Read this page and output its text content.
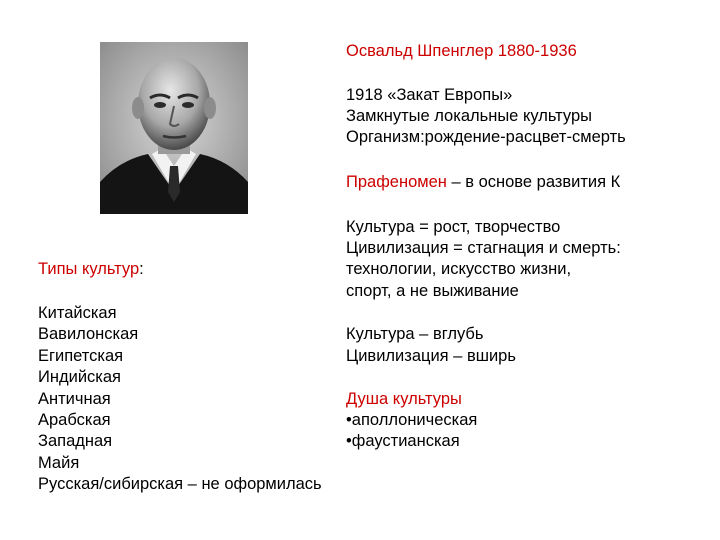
Освальд Шпенглер 1880-1936
1918 «Закат Европы»
Замкнутые локальные культуры
Организм:рождение-расцвет-смерть
Прафеномен – в основе развития К
Культура = рост, творчество
Цивилизация = стагнация и смерть:
технологии, искусство жизни,
спорт, а не выживание
Культура – вглубь
Цивилизация – вширь
Душа культуры
•аполлоническая
•фаустианская
Типы культур:
Китайская
Вавилонская
Египетская
Индийская
Античная
Арабская
Западная
Майя
Русская/сибирская – не оформилась
